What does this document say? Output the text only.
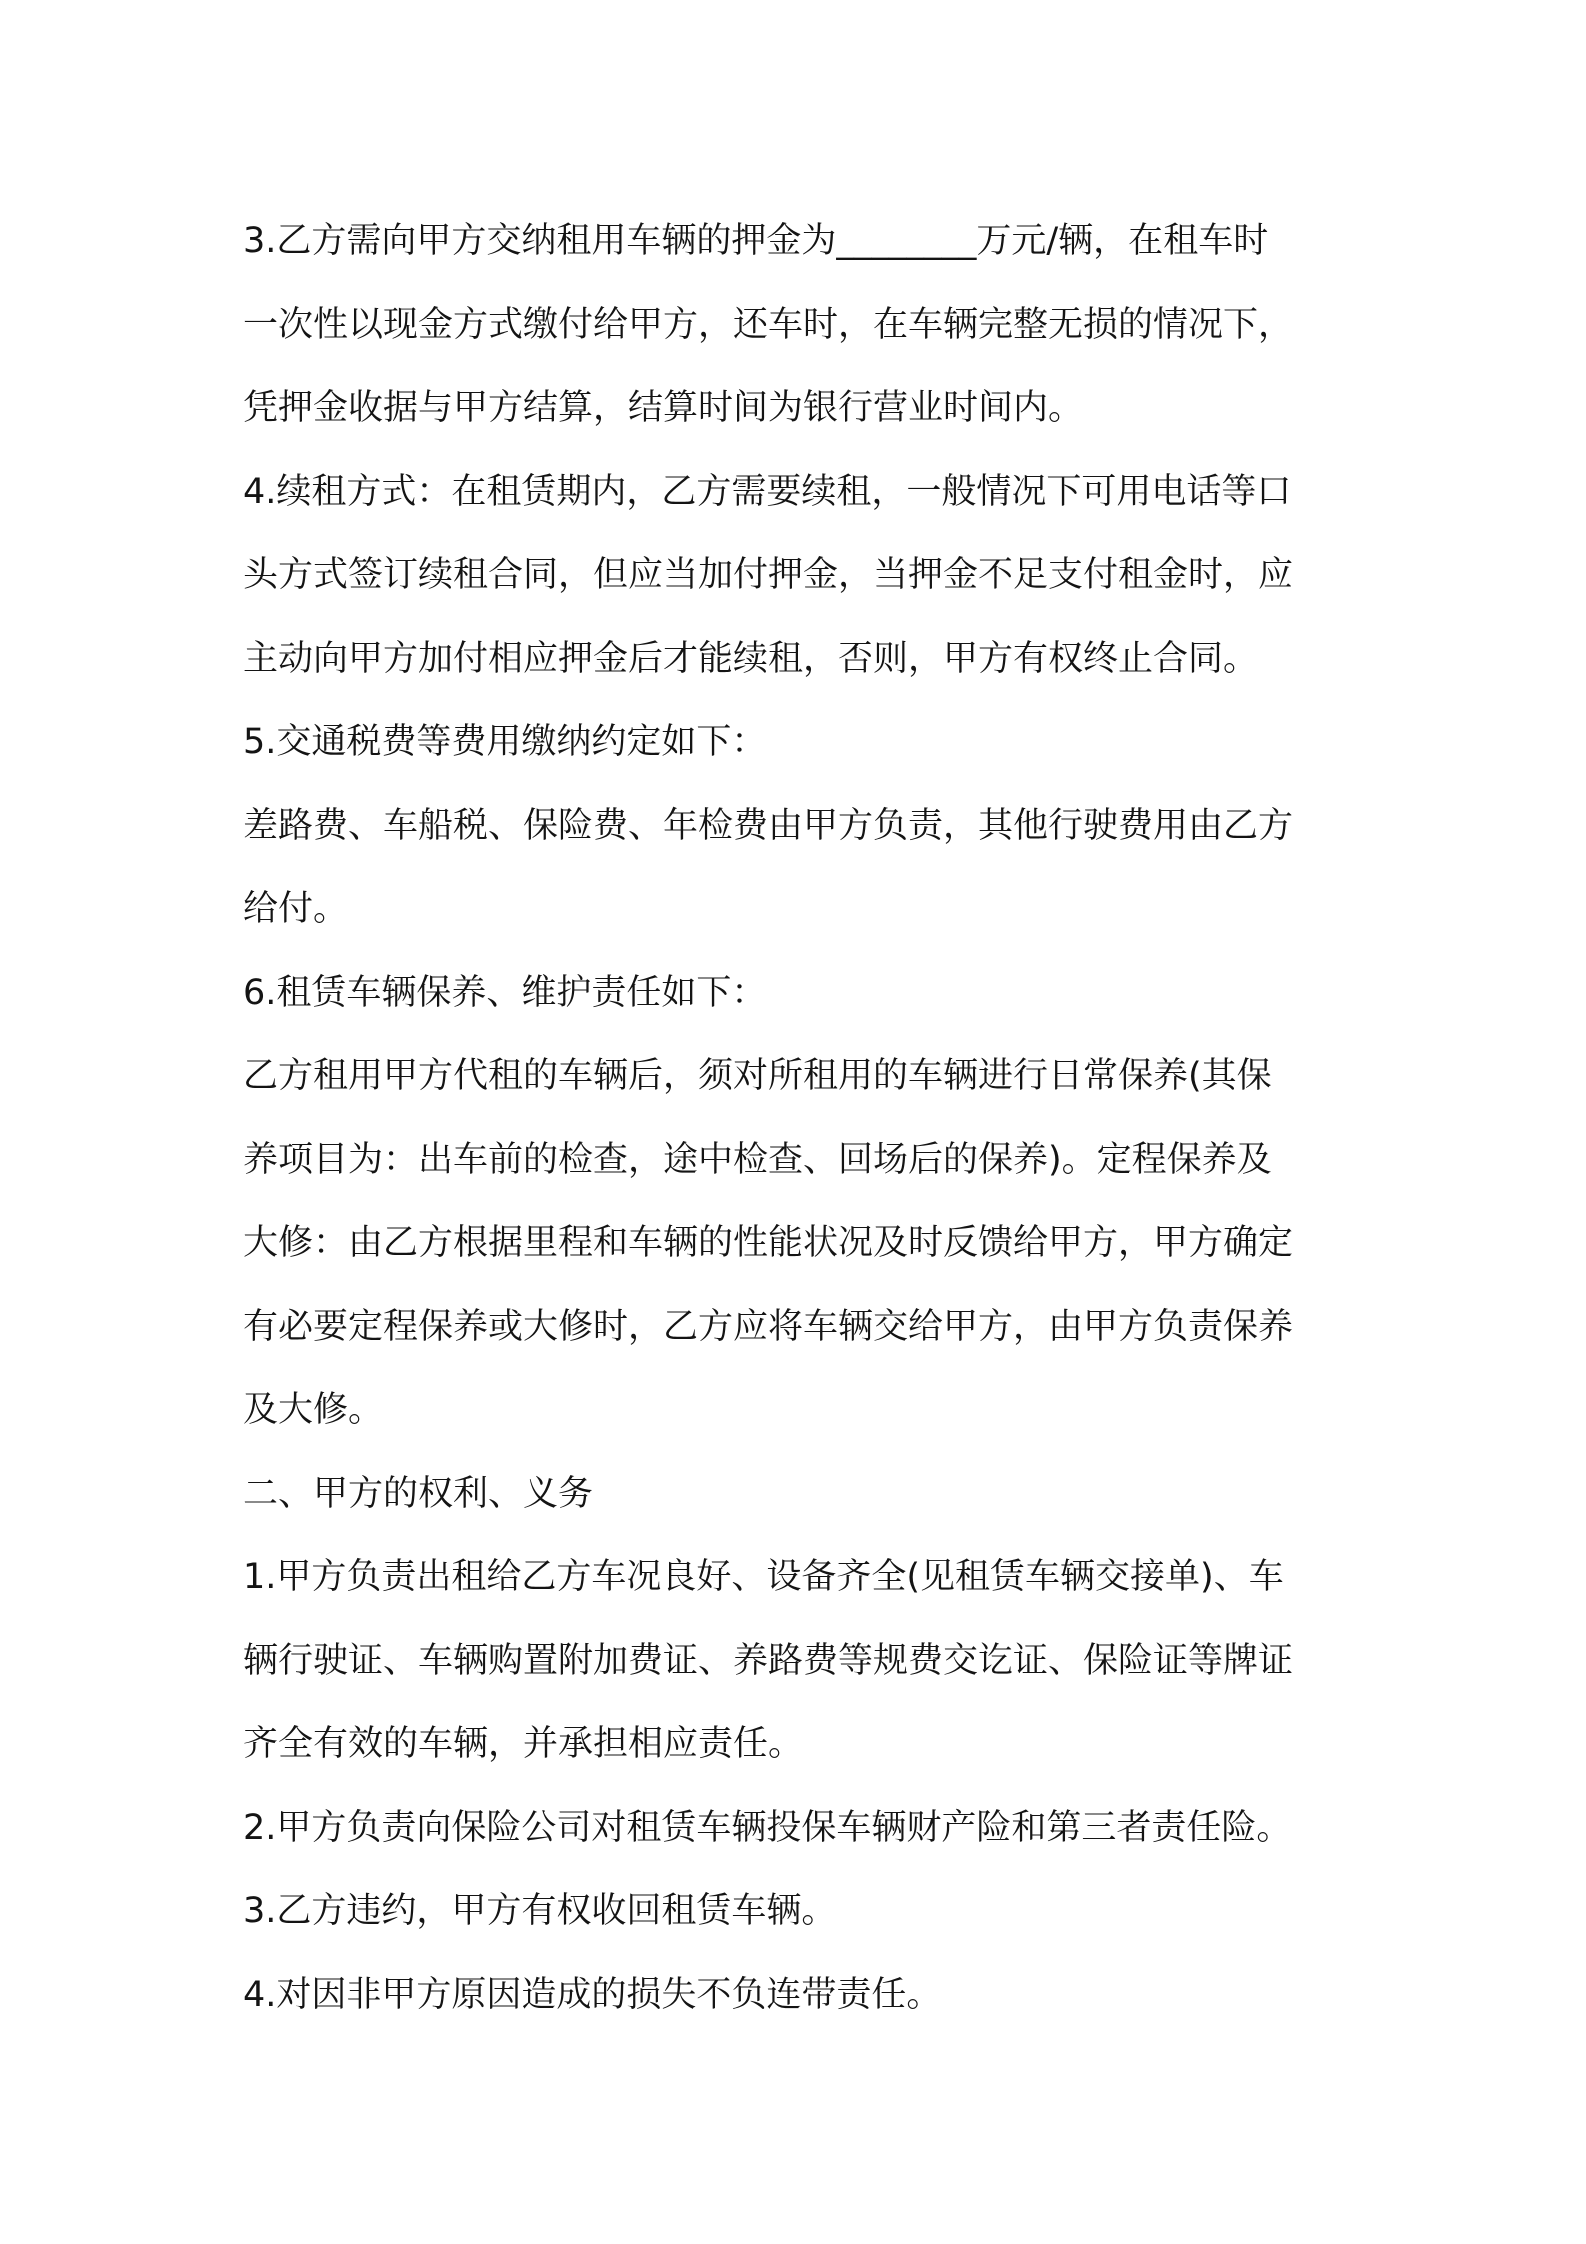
3.乙方需向甲方交纳租用车辆的押金为________万元/辆，在租车时
一次性以现金方式缴付给甲方，还车时，在车辆完整无损的情况下，
凭押金收据与甲方结算，结算时间为银行营业时间内。
4.续租方式：在租赁期内，乙方需要续租，一般情况下可用电话等口
头方式签订续租合同，但应当加付押金，当押金不足支付租金时，应
主动向甲方加付相应押金后才能续租，否则，甲方有权终止合同。
5.交通税费等费用缴纳约定如下：
差路费、车船税、保险费、年检费由甲方负责，其他行驶费用由乙方
给付。
6.租赁车辆保养、维护责任如下：
乙方租用甲方代租的车辆后，须对所租用的车辆进行日常保养(其保
养项目为：出车前的检查，途中检查、回场后的保养)。定程保养及
大修：由乙方根据里程和车辆的性能状况及时反馈给甲方，甲方确定
有必要定程保养或大修时，乙方应将车辆交给甲方，由甲方负责保养
及大修。
二、甲方的权利、义务
1.甲方负责出租给乙方车况良好、设备齐全(见租赁车辆交接单)、车
辆行驶证、车辆购置附加费证、养路费等规费交讫证、保险证等牌证
齐全有效的车辆，并承担相应责任。
2.甲方负责向保险公司对租赁车辆投保车辆财产险和第三者责任险。
3.乙方违约，甲方有权收回租赁车辆。
4.对因非甲方原因造成的损失不负连带责任。
